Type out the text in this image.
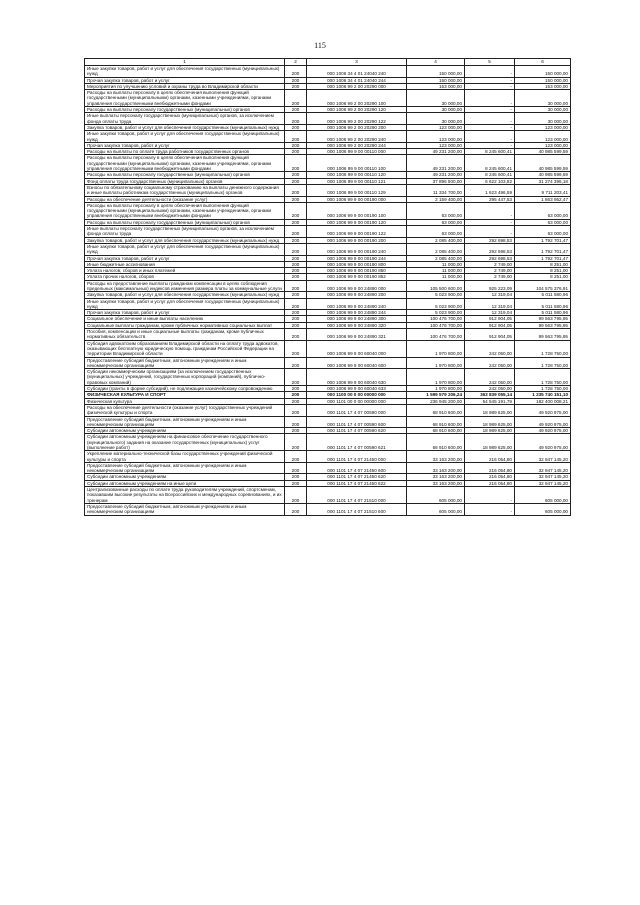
115
1	2	3	4	5	6
Иные закупки товаров, работ и услуг для обеспечения государственных (муниципальных) нужд	200	000 1006 34 4 01 24040 240	150 000,00	-	150 000,00
Прочая закупка товаров, работ и услуг	200	000 1006 34 4 01 24040 244	150 000,00	-	150 000,00
Мероприятия по улучшению условий и охраны труда во Владимирской области	200	000 1006 99 2 00 20290 000	153 000,00	-	153 000,00
Расходы на выплаты персоналу в целях обеспечения выполнения функций государственными (муниципальными) органами, казенными учреждениями, органами управления государственными внебюджетными фондами	200	000 1006 99 2 00 20290 100	30 000,00	-	30 000,00
Расходы на выплаты персоналу государственных (муниципальных) органов	200	000 1006 99 2 00 20290 120	30 000,00	-	30 000,00
Иные выплаты персоналу государственных (муниципальных) органов, за исключением фонда оплаты труда	200	000 1006 99 2 00 20290 122	30 000,00	-	30 000,00
Закупка товаров, работ и услуг для обеспечения государственных (муниципальных) нужд	200	000 1006 99 2 00 20290 200	123 000,00	-	123 000,00
Иные закупки товаров, работ и услуг для обеспечения государственных (муниципальных) нужд	200	000 1006 99 2 00 20290 240	123 000,00	-	123 000,00
Прочая закупка товаров, работ и услуг	200	000 1006 99 2 00 20290 244	123 000,00	-	123 000,00
Расходы на выплаты по оплате труда работников государственных органов	200	000 1006 99 9 00 00110 000	49 231 200,00	8 245 600,41	40 985 599,59
Расходы на выплаты персоналу в целях обеспечения выполнения функций государственными (муниципальными) органами, казенными учреждениями, органами управления государственными внебюджетными фондами	200	000 1006 99 9 00 00110 100	49 231 200,00	8 245 600,41	40 985 599,59
Расходы на выплаты персоналу государственных (муниципальных) органов	200	000 1006 99 9 00 00110 120	49 231 200,00	8 245 600,41	40 985 599,59
Фонд оплаты труда государственных (муниципальных) органов	200	000 1006 99 9 00 00110 121	37 896 500,00	6 622 103,82	31 274 396,18
Взносы по обязательному социальному страхованию на выплаты денежного содержания и иные выплаты работникам государственных (муниципальных) органов	200	000 1006 99 9 00 00110 129	11 334 700,00	1 623 496,59	9 711 203,41
Расходы на обеспечение деятельности (оказание услуг)	200	000 1006 99 9 00 00190 000	2 159 400,00	295 447,53	1 863 952,47
Расходы на выплаты персоналу в целях обеспечения выполнения функций государственными (муниципальными) органами, казенными учреждениями, органами управления государственными внебюджетными фондами	200	000 1006 99 9 00 00190 100	63 000,00	-	63 000,00
Расходы на выплаты персоналу государственных (муниципальных) органов	200	000 1006 99 9 00 00190 120	63 000,00	-	63 000,00
Иные выплаты персоналу государственных (муниципальных) органов, за исключением фонда оплаты труда	200	000 1006 99 9 00 00190 122	63 000,00	-	63 000,00
Закупка товаров, работ и услуг для обеспечения государственных (муниципальных) нужд	200	000 1006 99 9 00 00190 200	2 085 400,00	292 698,53	1 792 701,47
Иные закупки товаров, работ и услуг для обеспечения государственных (муниципальных) нужд	200	000 1006 99 9 00 00190 240	2 085 400,00	292 698,53	1 792 701,47
Прочая закупка товаров, работ и услуг	200	000 1006 99 9 00 00190 244	2 085 400,00	292 698,53	1 792 701,47
Иные бюджетные ассигнования	200	000 1006 99 9 00 00190 800	11 000,00	2 749,00	8 251,00
Уплата налогов, сборов и иных платежей	200	000 1006 99 9 00 00190 850	11 000,00	2 749,00	8 251,00
Уплата прочих налогов, сборов	200	000 1006 99 9 00 00190 852	11 000,00	2 749,00	8 251,00
Расходы на предоставление выплаты гражданам компенсации в целях соблюдения предельных (максимальных) индексов изменения размера платы за коммунальные услуги	200	000 1006 99 9 00 24890 000	105 500 600,00	925 223,09	104 575 376,91
Закупка товаров, работ и услуг для обеспечения государственных (муниципальных) нужд	200	000 1006 99 9 00 24890 200	5 023 900,00	12 319,04	5 011 580,96
Иные закупки товаров, работ и услуг для обеспечения государственных (муниципальных) нужд	200	000 1006 99 9 00 24890 240	5 023 900,00	12 319,04	5 011 580,96
Прочая закупка товаров, работ и услуг	200	000 1006 99 9 00 24890 244	5 023 900,00	12 319,04	5 011 580,96
Социальное обеспечение и иные выплаты населению	200	000 1006 99 9 00 24890 300	100 476 700,00	912 904,05	99 563 795,95
Социальные выплаты гражданам, кроме публичных нормативных социальных выплат	200	000 1006 99 9 00 24890 320	100 476 700,00	912 904,05	99 563 795,95
Пособия, компенсации и иные социальные выплаты гражданам, кроме публичных нормативных обязательств	200	000 1006 99 9 00 24890 321	100 476 700,00	912 904,05	99 563 795,95
Субсидия адвокатским образованиям Владимирской области на оплату труда адвокатов, оказывающих бесплатную юридическую помощь гражданам Российской Федерации на территории Владимирской области	200	000 1006 99 9 00 60040 000	1 970 800,00	242 050,00	1 728 750,00
Предоставление субсидий бюджетным, автономным учреждениям и иным некоммерческим организациям	200	000 1006 99 9 00 60040 600	1 970 800,00	242 050,00	1 728 750,00
Субсидии некоммерческим организациям (за исключением государственных (муниципальных) учреждений, государственных корпораций (компаний), публично-правовых компаний)	200	000 1006 99 9 00 60040 630	1 970 800,00	242 050,00	1 728 750,00
Субсидии (гранты в форме субсидий), не подлежащие казначейскому сопровождению	200	000 1006 99 9 00 60040 633	1 970 800,00	242 050,00	1 728 750,00
ФИЗИЧЕСКАЯ КУЛЬТУРА И СПОРТ	200	000 1100 00 0 00 00000 000	1 599 579 206,24	363 839 055,14	1 235 740 151,10
Физическая культура	200	000 1101 00 0 00 00000 000	236 945 200,00	54 545 191,79	182 400 008,21
Расходы на обеспечение деятельности (оказание услуг) государственных учреждений физической культуры и спорта	200	000 1101 17 4 07 00590 000	68 910 600,00	18 989 625,00	49 920 975,00
Предоставление субсидий бюджетным, автономным учреждениям и иным некоммерческим организациям	200	000 1101 17 4 07 00590 600	68 910 600,00	18 989 625,00	49 920 975,00
Субсидии автономным учреждениям	200	000 1101 17 4 07 00590 620	68 910 600,00	18 989 625,00	49 920 975,00
Субсидии автономным учреждениям на финансовое обеспечение государственного (муниципального) задания на оказание государственных (муниципальных) услуг (выполнение работ)	200	000 1101 17 4 07 00590 621	68 910 600,00	18 989 625,00	49 920 975,00
Укрепление материально-технической базы государственных учреждений физической культуры и спорта	200	000 1101 17 4 07 21450 000	33 163 200,00	216 054,80	32 947 145,20
Предоставление субсидий бюджетным, автономным учреждениям и иным некоммерческим организациям	200	000 1101 17 4 07 21450 600	33 163 200,00	216 054,80	32 947 145,20
Субсидии автономным учреждениям	200	000 1101 17 4 07 21450 620	33 163 200,00	216 054,80	32 947 145,20
Субсидии автономным учреждениям на иные цели	200	000 1101 17 4 07 21450 622	33 163 200,00	216 054,80	32 947 145,20
Централизованные расходы по оплате труда руководителям учреждений, спортсменам, показавшим высокие результаты на Всероссийских и международных соревнованиях, и их тренерам	200	000 1101 17 4 07 21510 000	605 000,00	-	605 000,00
Предоставление субсидий бюджетным, автономным учреждениям и иным некоммерческим организациям	200	000 1101 17 4 07 21510 600	605 000,00	-	605 000,00
